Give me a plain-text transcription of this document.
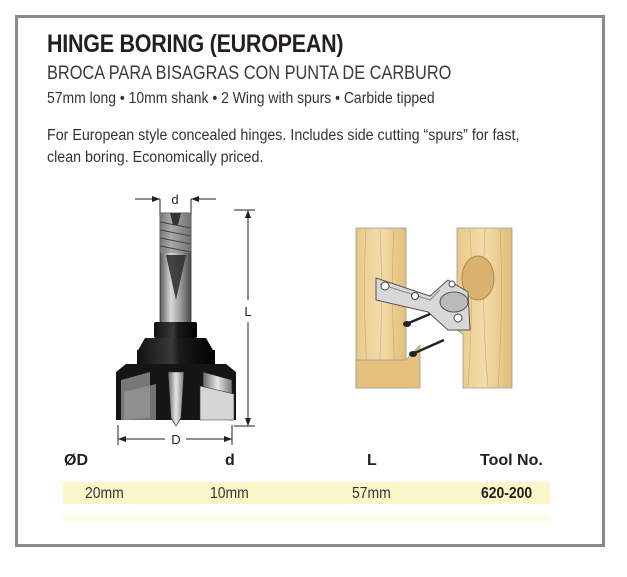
HINGE BORING (EUROPEAN)
BROCA PARA BISAGRAS CON PUNTA DE CARBURO
57mm long • 10mm shank • 2 Wing with spurs • Carbide tipped
For European style concealed hinges. Includes side cutting “spurs” for fast, clean boring. Economically priced.
d
L
D
ØD	d	L	Tool No.
20mm	10mm	57mm	620-200
